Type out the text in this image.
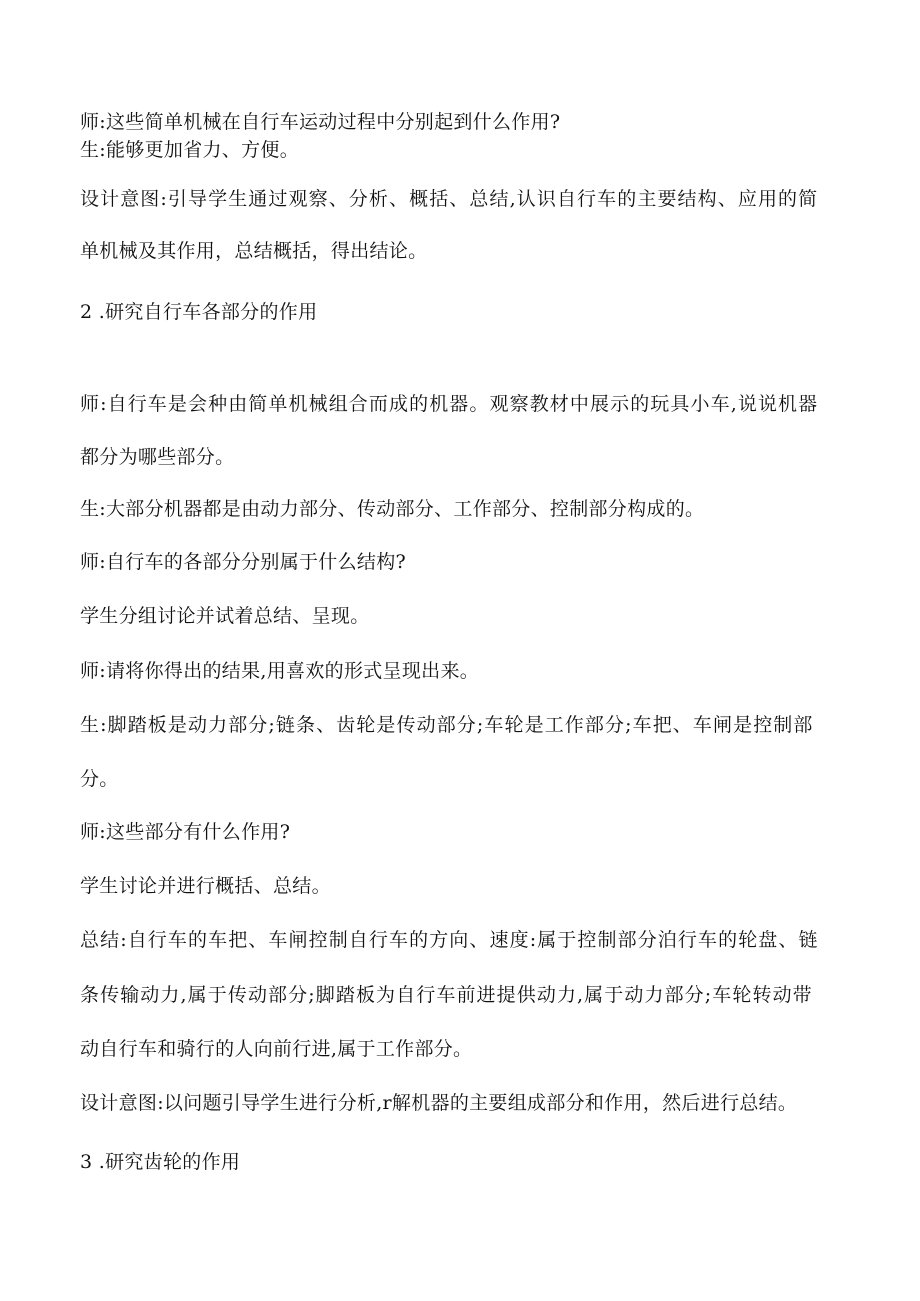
师:这些简单机械在自行车运动过程中分别起到什么作用?
生:能够更加省力、方便。
设计意图:引导学生通过观察、分析、概括、总结,认识自行车的主要结构、应用的简
单机械及其作用，总结概括，得出结论。
2 .研究自行车各部分的作用
师:自行车是会种由简单机械组合而成的机器。观察教材中展示的玩具小车,说说机器
都分为哪些部分。
生:大部分机器都是由动力部分、传动部分、工作部分、控制部分构成的。
师:自行车的各部分分别属于什么结构?
学生分组讨论并试着总结、呈现。
师:请将你得出的结果,用喜欢的形式呈现出来。
生:脚踏板是动力部分;链条、齿轮是传动部分;车轮是工作部分;车把、车闸是控制部
分。
师:这些部分有什么作用?
学生讨论并进行概括、总结。
总结:自行车的车把、车闸控制自行车的方向、速度:属于控制部分泊行车的轮盘、链
条传输动力,属于传动部分;脚踏板为自行车前进提供动力,属于动力部分;车轮转动带
动自行车和骑行的人向前行进,属于工作部分。
设计意图:以问题引导学生进行分析,r解机器的主要组成部分和作用，然后进行总结。
3 .研究齿轮的作用
